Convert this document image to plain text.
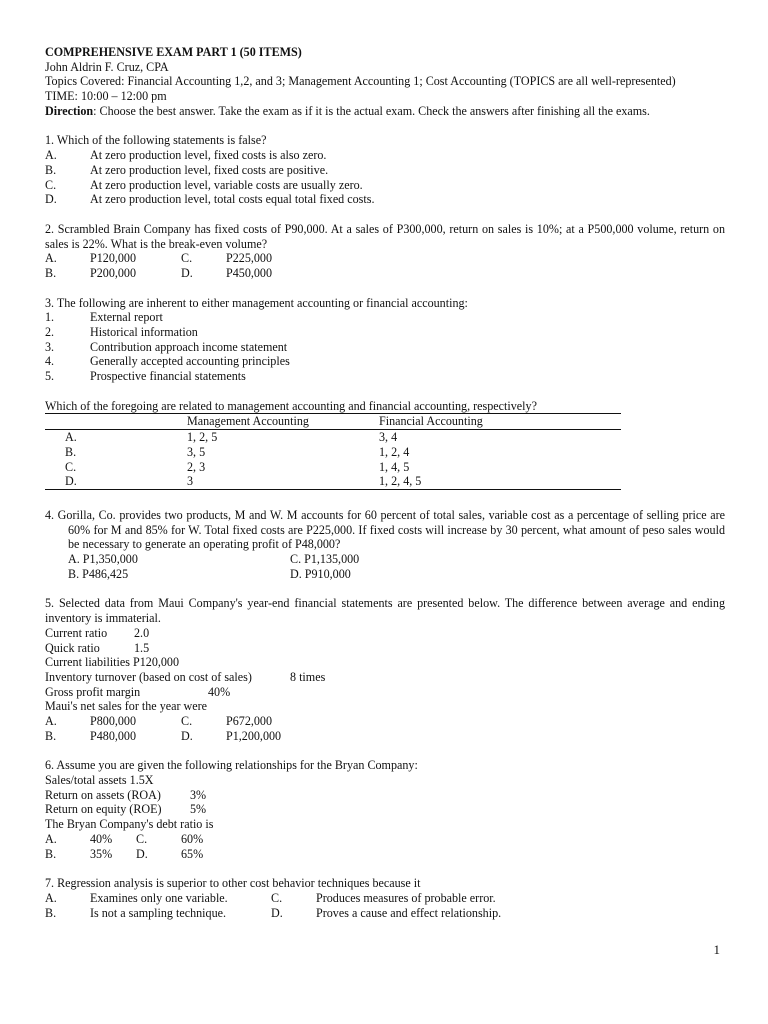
COMPREHENSIVE EXAM PART 1 (50 ITEMS)
John Aldrin F. Cruz, CPA
Topics Covered: Financial Accounting 1,2, and 3; Management Accounting 1; Cost Accounting (TOPICS are all well-represented)
TIME: 10:00 – 12:00 pm
Direction: Choose the best answer. Take the exam as if it is the actual exam. Check the answers after finishing all the exams.
1. Which of the following statements is false?
A.	At zero production level, fixed costs is also zero.
B.	At zero production level, fixed costs are positive.
C.	At zero production level, variable costs are usually zero.
D.	At zero production level, total costs equal total fixed costs.
2. Scrambled Brain Company has fixed costs of P90,000. At a sales of P300,000, return on sales is 10%; at a P500,000 volume, return on sales is 22%. What is the break-even volume?
A.	P120,000	C.	P225,000
B.	P200,000	D.	P450,000
3. The following are inherent to either management accounting or financial accounting:
1.	External report
2.	Historical information
3.	Contribution approach income statement
4.	Generally accepted accounting principles
5.	Prospective financial statements
Which of the foregoing are related to management accounting and financial accounting, respectively?
		Management Accounting	Financial Accounting
	A.	1, 2, 5	3, 4
	B.	3, 5	1, 2, 4
	C.	2, 3	1, 4, 5
	D.	3	1, 2, 4, 5
4. Gorilla, Co. provides two products, M and W. M accounts for 60 percent of total sales, variable cost as a percentage of selling price are 60% for M and 85% for W. Total fixed costs are P225,000. If fixed costs will increase by 30 percent, what amount of peso sales would be necessary to generate an operating profit of P48,000?
A. P1,350,000	C. P1,135,000
B. P486,425	D. P910,000
5. Selected data from Maui Company's year-end financial statements are presented below. The difference between average and ending inventory is immaterial.
Current ratio 2.0
Quick ratio	1.5
Current liabilities P120,000
Inventory turnover (based on cost of sales)	8 times
Gross profit margin	40%
Maui's net sales for the year were
A.	P800,000	C.	P672,000
B.	P480,000	D.	P1,200,000
6. Assume you are given the following relationships for the Bryan Company:
Sales/total assets 1.5X
Return on assets (ROA) 3%
Return on equity (ROE) 5%
The Bryan Company's debt ratio is
A.	40% C.	60%
B.	35% D.	65%
7. Regression analysis is superior to other cost behavior techniques because it
A.	Examines only one variable.	C.	Produces measures of probable error.
B.	Is not a sampling technique.	D.	Proves a cause and effect relationship.
1
